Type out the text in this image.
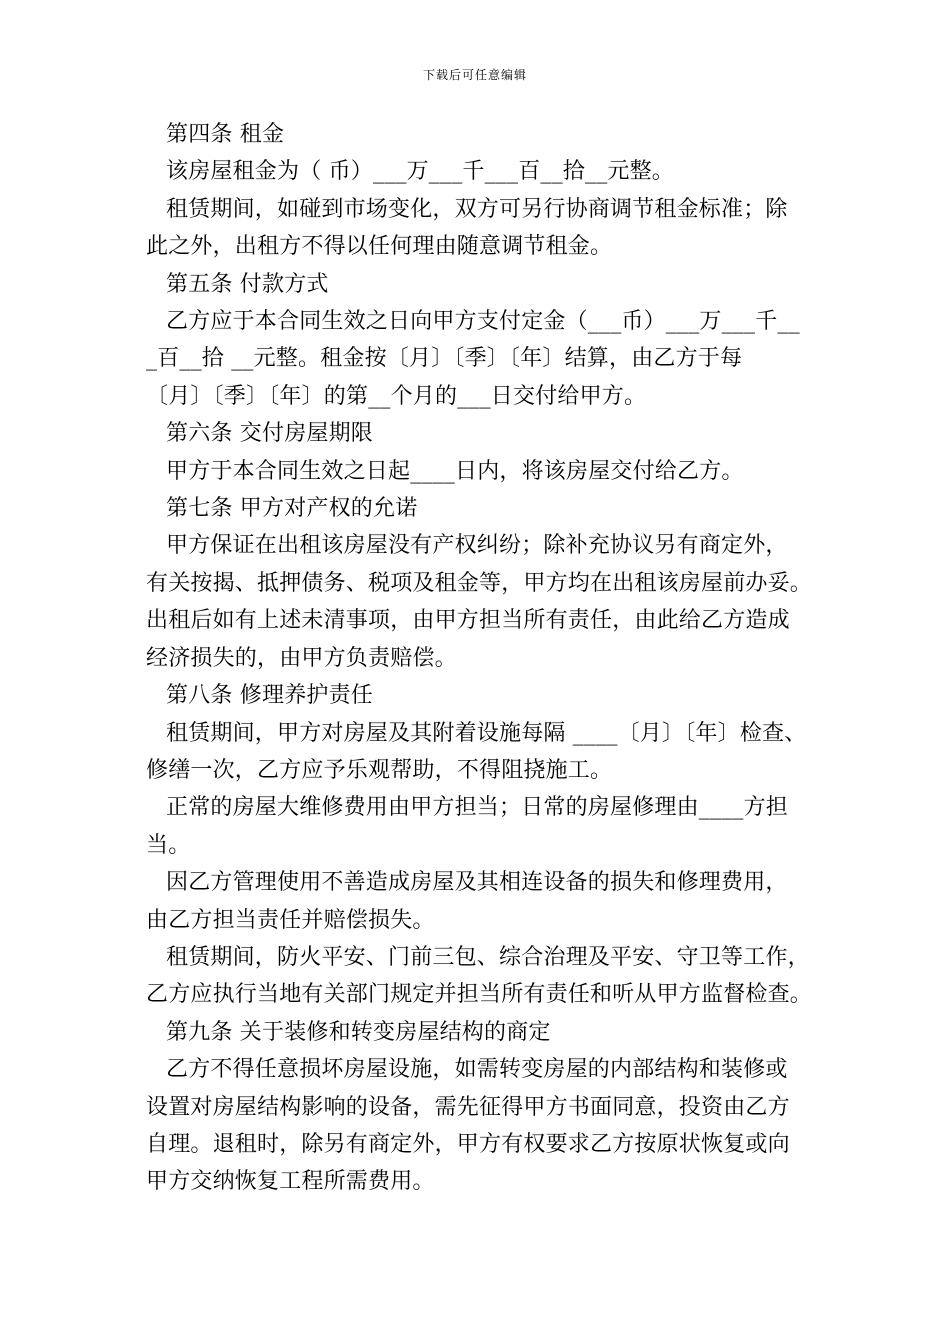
下载后可任意编辑
第四条 租金
该房屋租金为（ 币）___万___千___百__拾__元整。
租赁期间，如碰到市场变化，双方可另行协商调节租金标准；除
此之外，出租方不得以任何理由随意调节租金。
第五条 付款方式
乙方应于本合同生效之日向甲方支付定金（___币）___万___千__
_百__拾 __元整。租金按〔月〕〔季〕〔年〕结算，由乙方于每
〔月〕〔季〕〔年〕的第__个月的___日交付给甲方。
第六条 交付房屋期限
甲方于本合同生效之日起____日内，将该房屋交付给乙方。
第七条 甲方对产权的允诺
甲方保证在出租该房屋没有产权纠纷；除补充协议另有商定外，
有关按揭、抵押债务、税项及租金等，甲方均在出租该房屋前办妥。
出租后如有上述未清事项，由甲方担当所有责任，由此给乙方造成
经济损失的，由甲方负责赔偿。
第八条 修理养护责任
租赁期间，甲方对房屋及其附着设施每隔 ____〔月〕〔年〕检查、
修缮一次，乙方应予乐观帮助，不得阻挠施工。
正常的房屋大维修费用由甲方担当；日常的房屋修理由____方担
当。
因乙方管理使用不善造成房屋及其相连设备的损失和修理费用，
由乙方担当责任并赔偿损失。
租赁期间，防火平安、门前三包、综合治理及平安、守卫等工作，
乙方应执行当地有关部门规定并担当所有责任和听从甲方监督检查。
第九条 关于装修和转变房屋结构的商定
乙方不得任意损坏房屋设施，如需转变房屋的内部结构和装修或
设置对房屋结构影响的设备，需先征得甲方书面同意，投资由乙方
自理。退租时，除另有商定外，甲方有权要求乙方按原状恢复或向
甲方交纳恢复工程所需费用。
